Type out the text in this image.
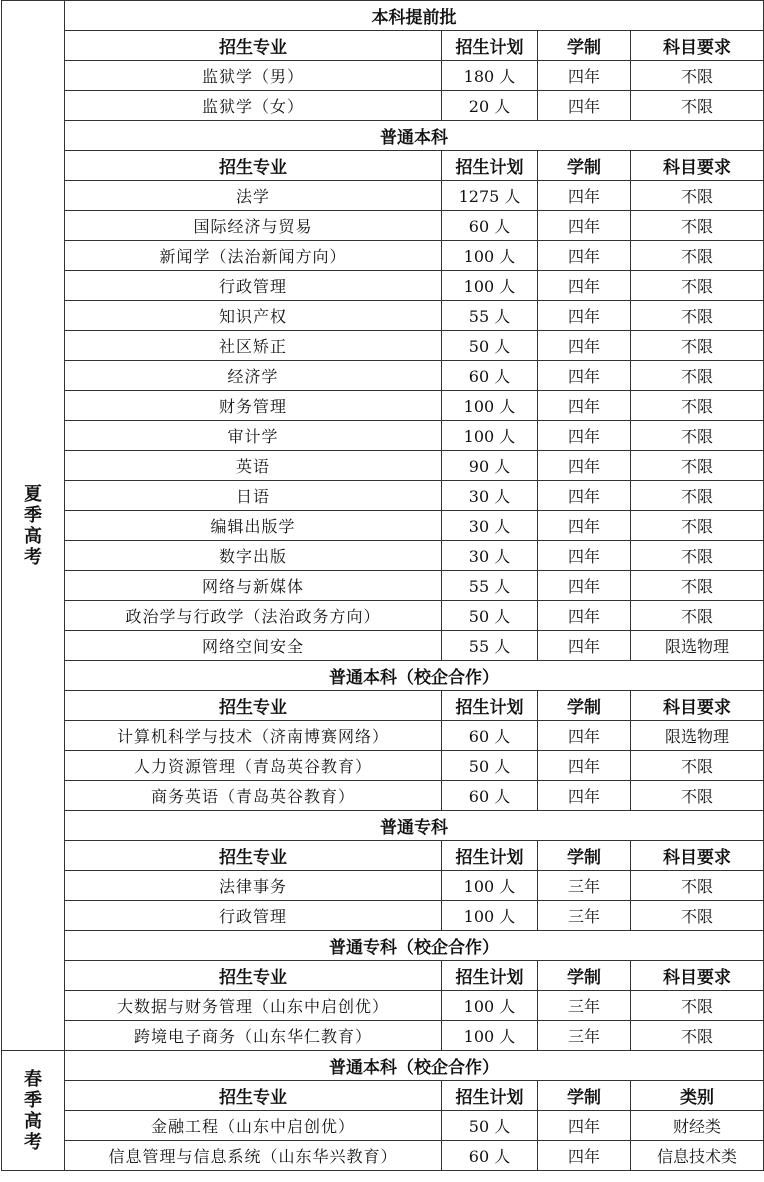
夏
季
高
考	本科提前批			
	招生专业	招生计划	学制	科目要求
	监狱学（男）	180 人	四年	不限
	监狱学（女）	20 人	四年	不限
	普通本科			
	招生专业	招生计划	学制	科目要求
	法学	1275 人	四年	不限
	国际经济与贸易	60 人	四年	不限
	新闻学（法治新闻方向）	100 人	四年	不限
	行政管理	100 人	四年	不限
	知识产权	55 人	四年	不限
	社区矫正	50 人	四年	不限
	经济学	60 人	四年	不限
	财务管理	100 人	四年	不限
	审计学	100 人	四年	不限
	英语	90 人	四年	不限
	日语	30 人	四年	不限
	编辑出版学	30 人	四年	不限
	数字出版	30 人	四年	不限
	网络与新媒体	55 人	四年	不限
	政治学与行政学（法治政务方向）	50 人	四年	不限
	网络空间安全	55 人	四年	限选物理
	普通本科（校企合作）			
	招生专业	招生计划	学制	科目要求
	计算机科学与技术（济南博赛网络）	60 人	四年	限选物理
	人力资源管理（青岛英谷教育）	50 人	四年	不限
	商务英语（青岛英谷教育）	60 人	四年	不限
	普通专科			
	招生专业	招生计划	学制	科目要求
	法律事务	100 人	三年	不限
	行政管理	100 人	三年	不限
	普通专科（校企合作）			
	招生专业	招生计划	学制	科目要求
	大数据与财务管理（山东中启创优）	100 人	三年	不限
	跨境电子商务（山东华仁教育）	100 人	三年	不限

春
季
高
考	普通本科（校企合作）			
	招生专业	招生计划	学制	类别
	金融工程（山东中启创优）	50 人	四年	财经类
	信息管理与信息系统（山东华兴教育）	60 人	四年	信息技术类
